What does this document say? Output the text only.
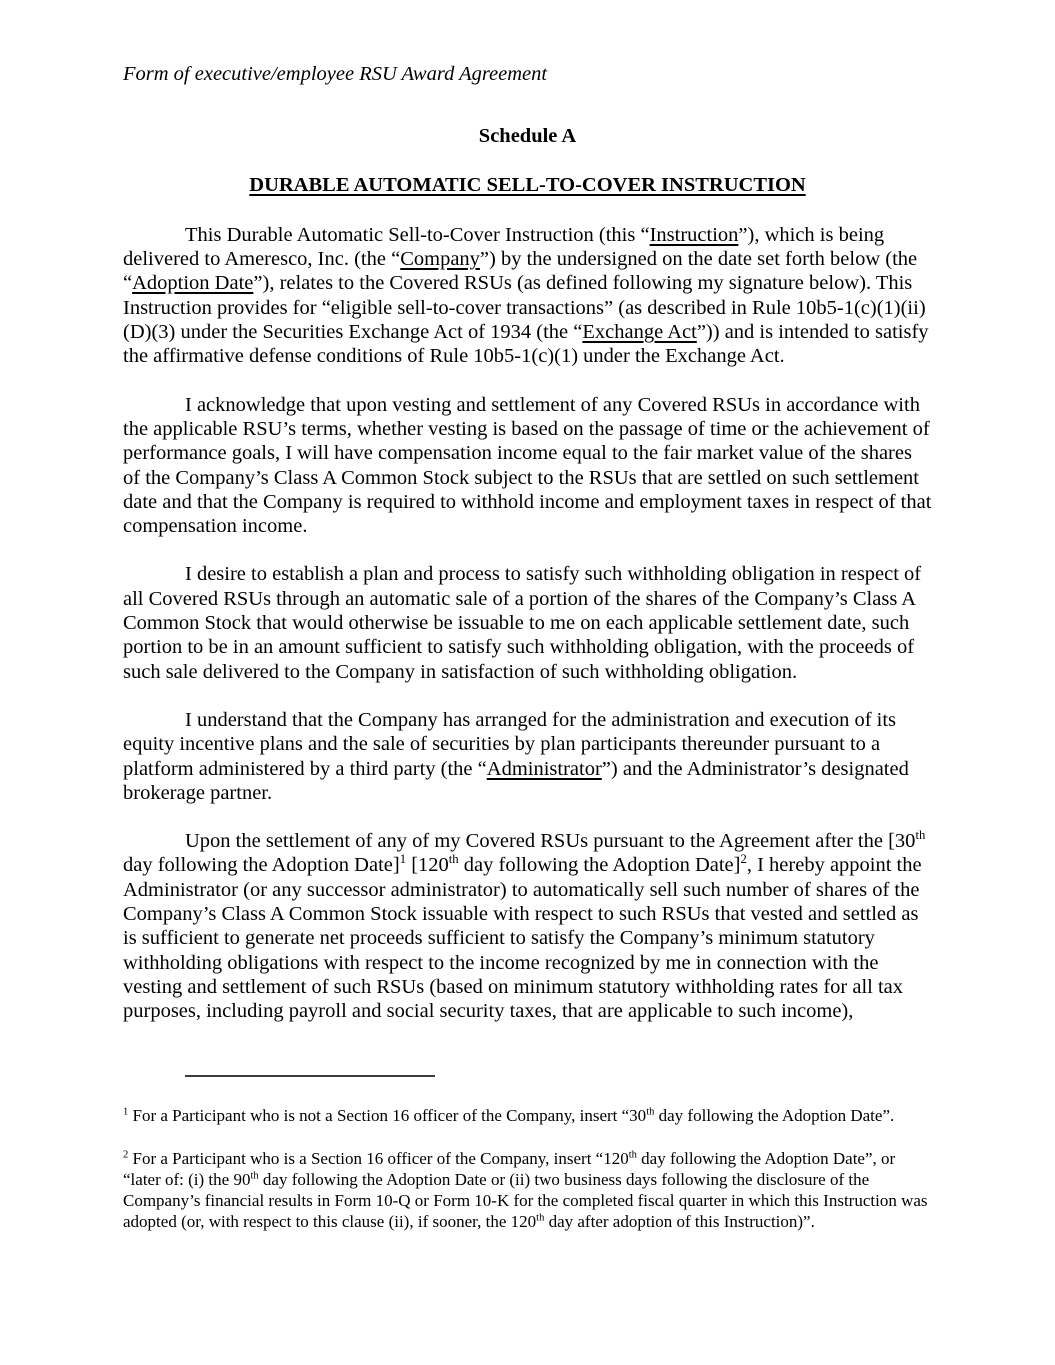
Form of executive/employee RSU Award Agreement
Schedule A
DURABLE AUTOMATIC SELL-TO-COVER INSTRUCTION

This Durable Automatic Sell-to-Cover Instruction (this “Instruction”), which is being delivered to Ameresco, Inc. (the “Company”) by the undersigned on the date set forth below (the “Adoption Date”), relates to the Covered RSUs (as defined following my signature below). This Instruction provides for “eligible sell-to-cover transactions” (as described in Rule 10b5-1(c)(1)(ii)(D)(3) under the Securities Exchange Act of 1934 (the “Exchange Act”)) and is intended to satisfy the affirmative defense conditions of Rule 10b5-1(c)(1) under the Exchange Act.

I acknowledge that upon vesting and settlement of any Covered RSUs in accordance with the applicable RSU’s terms, whether vesting is based on the passage of time or the achievement of performance goals, I will have compensation income equal to the fair market value of the shares of the Company’s Class A Common Stock subject to the RSUs that are settled on such settlement date and that the Company is required to withhold income and employment taxes in respect of that compensation income.

I desire to establish a plan and process to satisfy such withholding obligation in respect of all Covered RSUs through an automatic sale of a portion of the shares of the Company’s Class A Common Stock that would otherwise be issuable to me on each applicable settlement date, such portion to be in an amount sufficient to satisfy such withholding obligation, with the proceeds of such sale delivered to the Company in satisfaction of such withholding obligation.

I understand that the Company has arranged for the administration and execution of its equity incentive plans and the sale of securities by plan participants thereunder pursuant to a platform administered by a third party (the “Administrator”) and the Administrator’s designated brokerage partner.

Upon the settlement of any of my Covered RSUs pursuant to the Agreement after the [30th day following the Adoption Date]$^1$ [120th day following the Adoption Date]$^2$, I hereby appoint the Administrator (or any successor administrator) to automatically sell such number of shares of the Company’s Class A Common Stock issuable with respect to such RSUs that vested and settled as is sufficient to generate net proceeds sufficient to satisfy the Company’s minimum statutory withholding obligations with respect to the income recognized by me in connection with the vesting and settlement of such RSUs (based on minimum statutory withholding rates for all tax purposes, including payroll and social security taxes, that are applicable to such income),

$^1$ For a Participant who is not a Section 16 officer of the Company, insert “30th day following the Adoption Date”.
$^2$ For a Participant who is a Section 16 officer of the Company, insert “120th day following the Adoption Date”, or “later of: (i) the 90th day following the Adoption Date or (ii) two business days following the disclosure of the Company’s financial results in Form 10-Q or Form 10-K for the completed fiscal quarter in which this Instruction was adopted (or, with respect to this clause (ii), if sooner, the 120th day after adoption of this Instruction)”.
